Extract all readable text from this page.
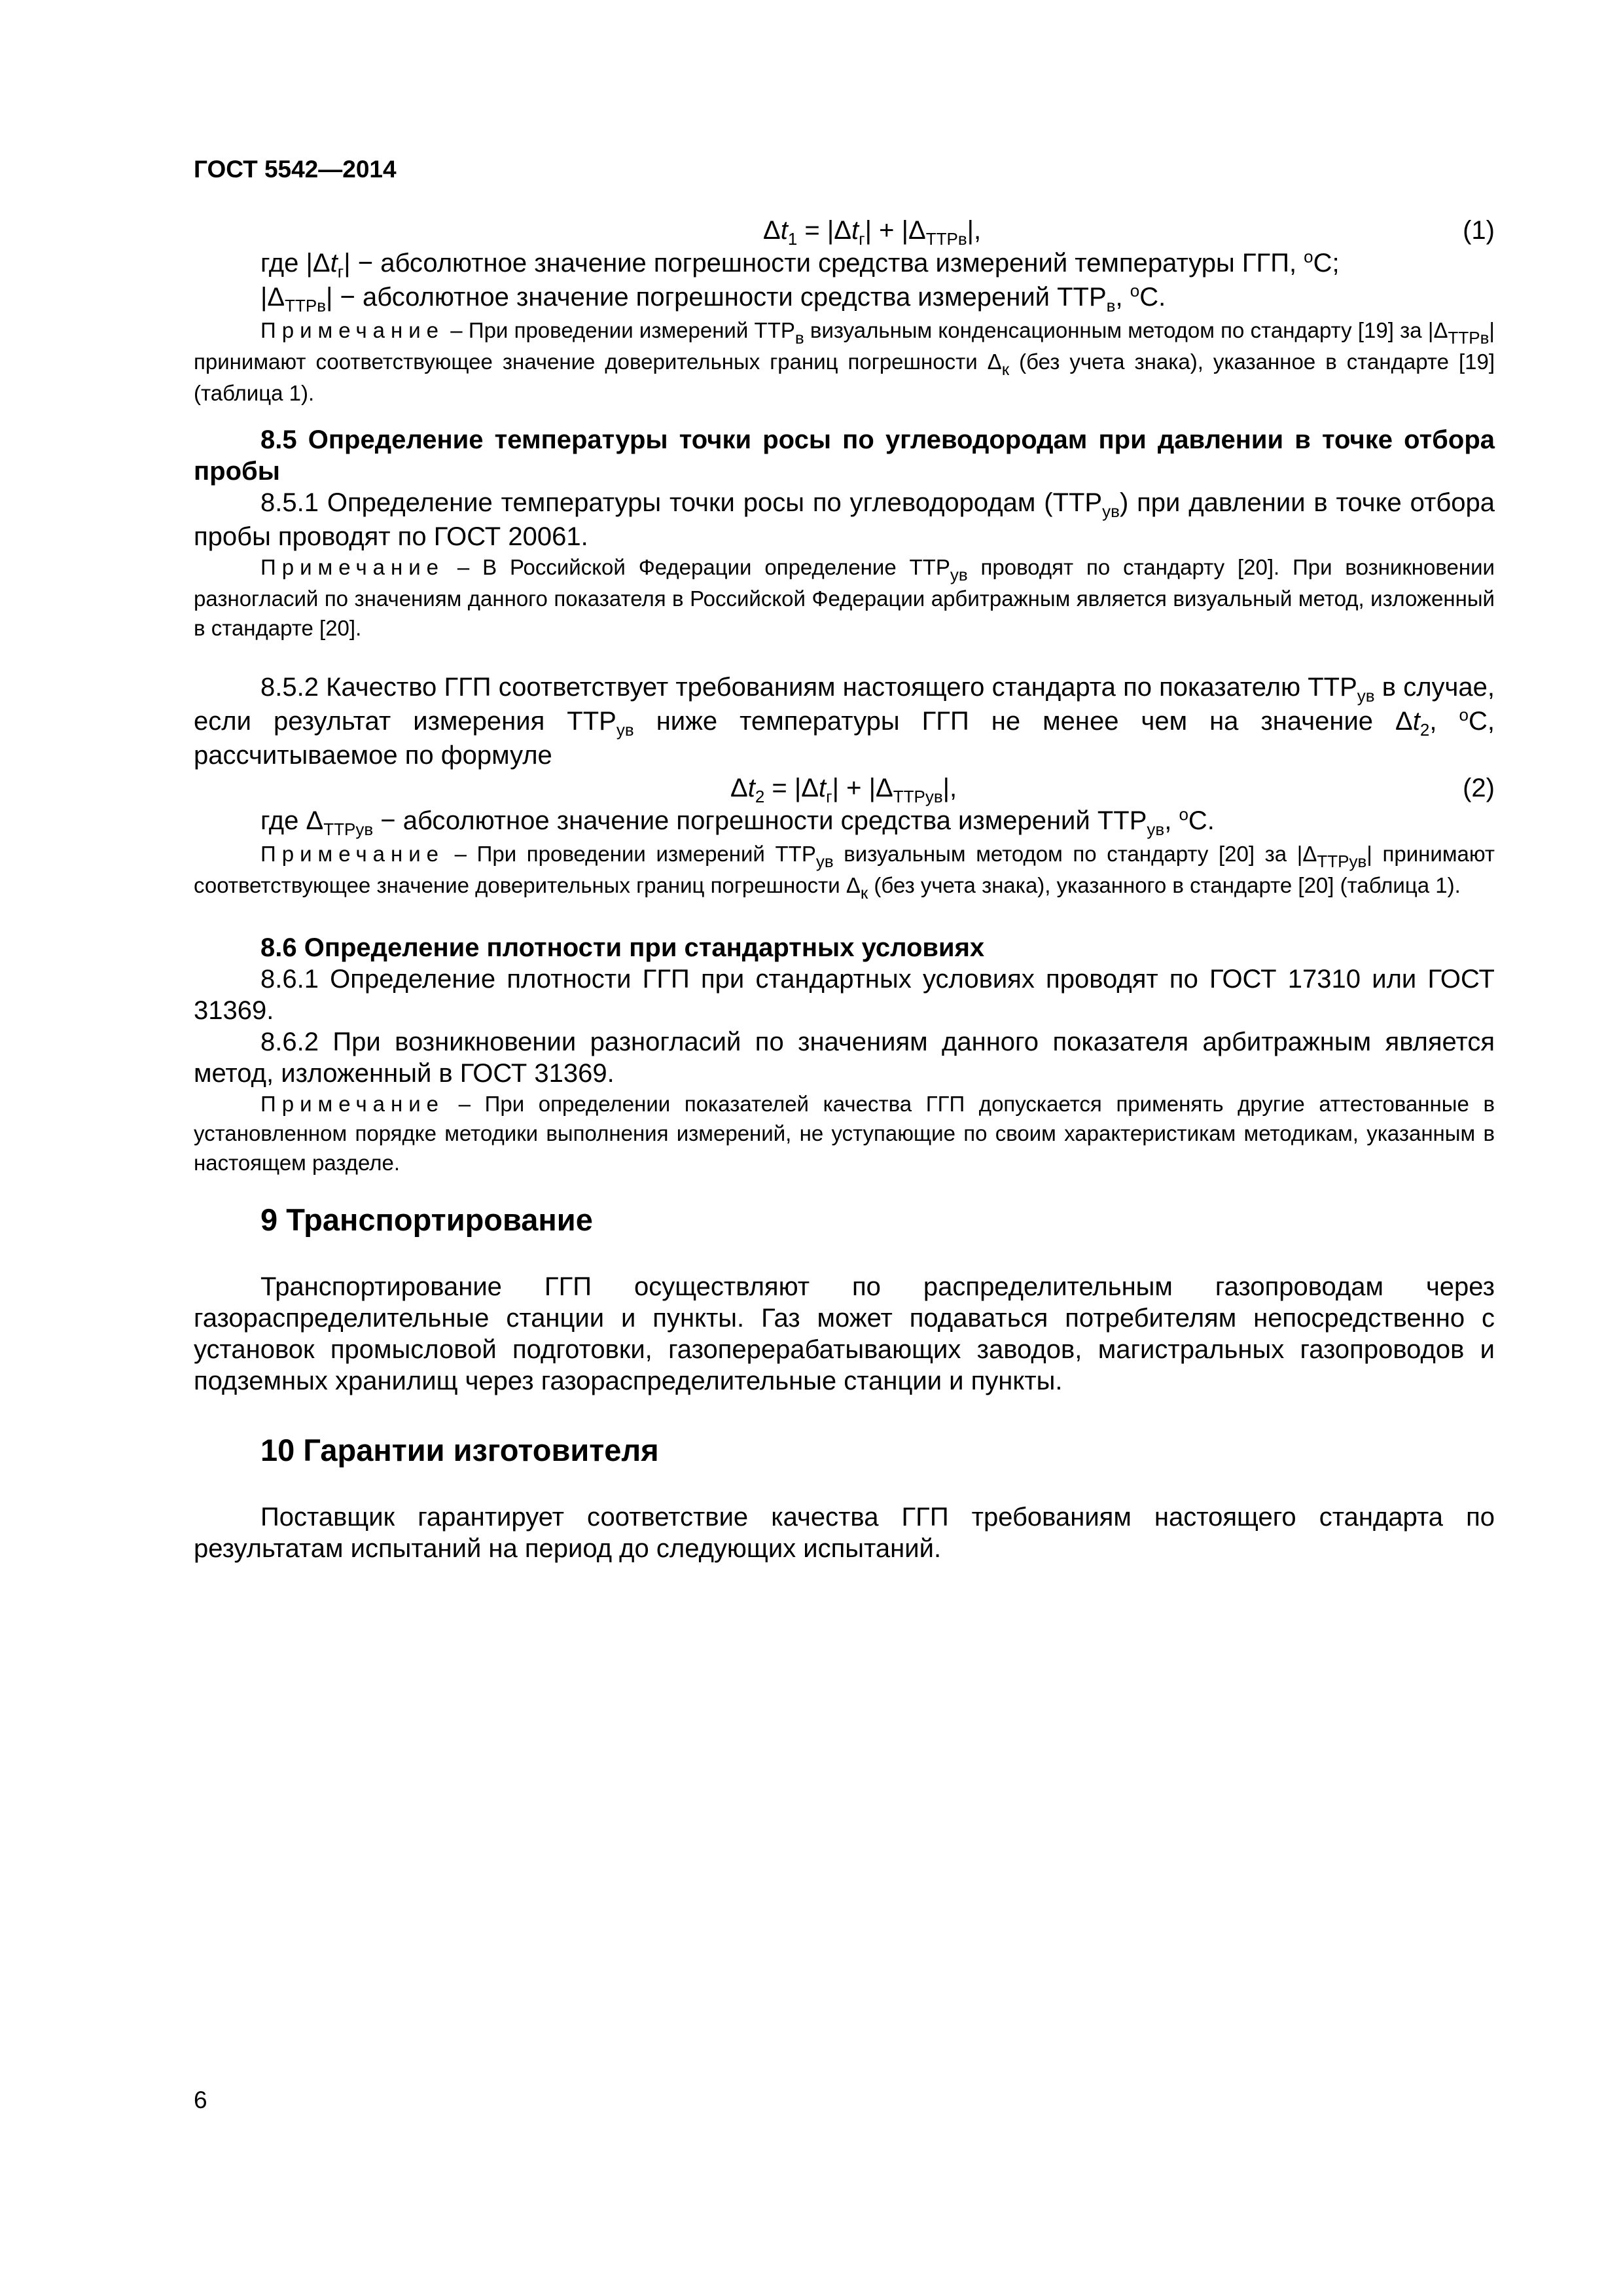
ГОСТ 5542—2014
$\Delta t_1 = |\Delta t_г| + |\Delta_{ТТРв}|$,	(1)
где $|\Delta t_г|$ − абсолютное значение погрешности средства измерений температуры ГГП, $^о$С;
$|\Delta_{ТТРв}|$ − абсолютное значение погрешности средства измерений $ТТР_в$, $^о$С.
Примечание – При проведении измерений $ТТР_в$ визуальным конденсационным методом по стандарту [19] за $|\Delta_{ТТРв}|$ принимают соответствующее значение доверительных границ погрешности $\Delta_к$ (без учета знака), указанное в стандарте [19] (таблица 1).
8.5 Определение температуры точки росы по углеводородам при давлении в точке отбора пробы
8.5.1 Определение температуры точки росы по углеводородам $(ТТР_{ув})$ при давлении в точке отбора пробы проводят по ГОСТ 20061.
Примечание – В Российской Федерации определение $ТТР_{ув}$ проводят по стандарту [20]. При возникновении разногласий по значениям данного показателя в Российской Федерации арбитражным является визуальный метод, изложенный в стандарте [20].
8.5.2 Качество ГГП соответствует требованиям настоящего стандарта по показателю $ТТР_{ув}$ в случае, если результат измерения $ТТР_{ув}$ ниже температуры ГГП не менее чем на значение $\Delta t_2$, $^о$С, рассчитываемое по формуле
$\Delta t_2 = |\Delta t_г| + |\Delta_{ТТРув}|$,	(2)
где $\Delta_{ТТРув}$ − абсолютное значение погрешности средства измерений $ТТР_{ув}$, $^о$С.
Примечание – При проведении измерений $ТТР_{ув}$ визуальным методом по стандарту [20] за $|\Delta_{ТТРув}|$ принимают соответствующее значение доверительных границ погрешности $\Delta_к$ (без учета знака), указанного в стандарте [20] (таблица 1).
8.6 Определение плотности при стандартных условиях
8.6.1 Определение плотности ГГП при стандартных условиях проводят по ГОСТ 17310 или ГОСТ 31369.
8.6.2 При возникновении разногласий по значениям данного показателя арбитражным является метод, изложенный в ГОСТ 31369.
Примечание – При определении показателей качества ГГП допускается применять другие аттестованные в установленном порядке методики выполнения измерений, не уступающие по своим характеристикам методикам, указанным в настоящем разделе.
9 Транспортирование
Транспортирование ГГП осуществляют по распределительным газопроводам через газораспределительные станции и пункты. Газ может подаваться потребителям непосредственно с установок промысловой подготовки, газоперерабатывающих заводов, магистральных газопроводов и подземных хранилищ через газораспределительные станции и пункты.
10 Гарантии изготовителя
Поставщик гарантирует соответствие качества ГГП требованиям настоящего стандарта по результатам испытаний на период до следующих испытаний.
6
